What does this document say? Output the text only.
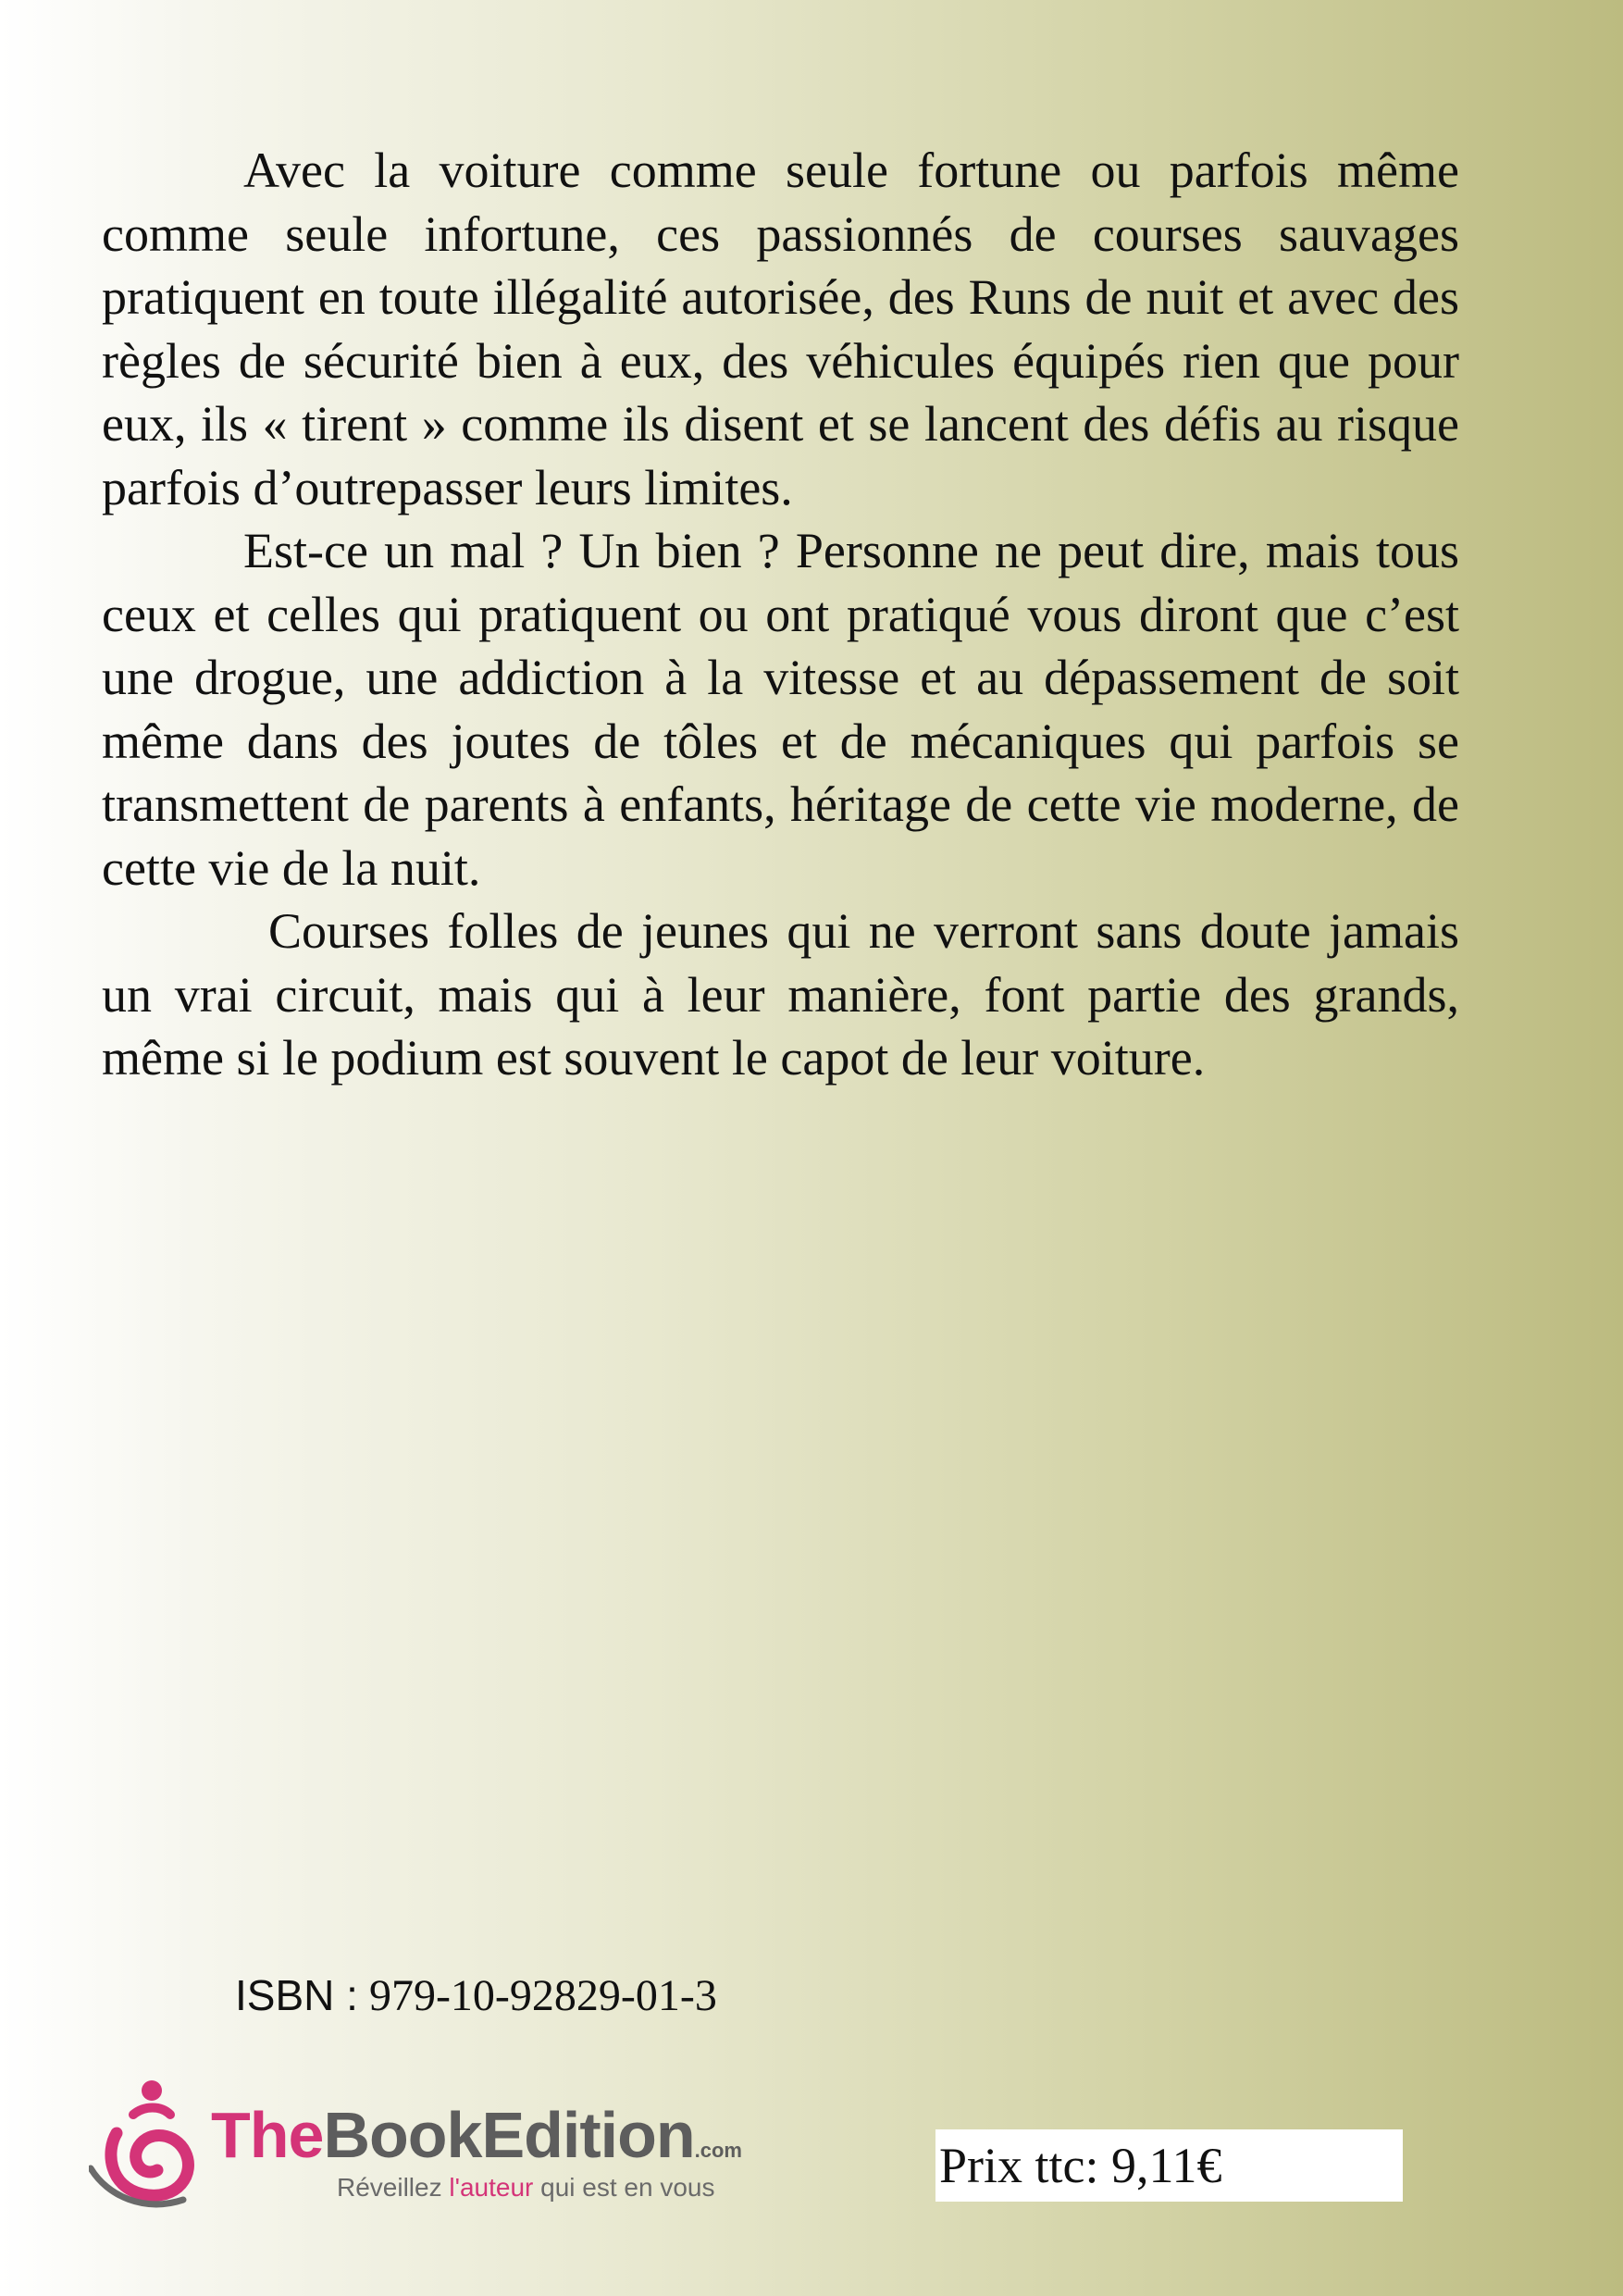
Avec la voiture comme seule fortune ou parfois même comme seule infortune, ces passionnés de courses sauvages pratiquent en toute illégalité autorisée, des Runs de nuit et avec des règles de sécurité bien à eux, des véhicules équipés rien que pour eux, ils « tirent » comme ils disent et se lancent des défis au risque parfois d’outrepasser leurs limites.

Est-ce un mal ? Un bien ? Personne ne peut dire, mais tous ceux et celles qui pratiquent ou ont pratiqué vous diront que c’est une drogue, une addiction à la vitesse et au dépassement de soit même dans des joutes de tôles et de mécaniques qui parfois se transmettent de parents à enfants, héritage de cette vie moderne, de cette vie de la nuit.

Courses folles de jeunes qui ne verront sans doute jamais un vrai circuit, mais qui à leur manière, font partie des grands, même si le podium est souvent le capot de leur voiture.

ISBN : 979-10-92829-01-3
TheBookEdition.com
Réveillez l'auteur qui est en vous	Prix ttc: 9,11€
